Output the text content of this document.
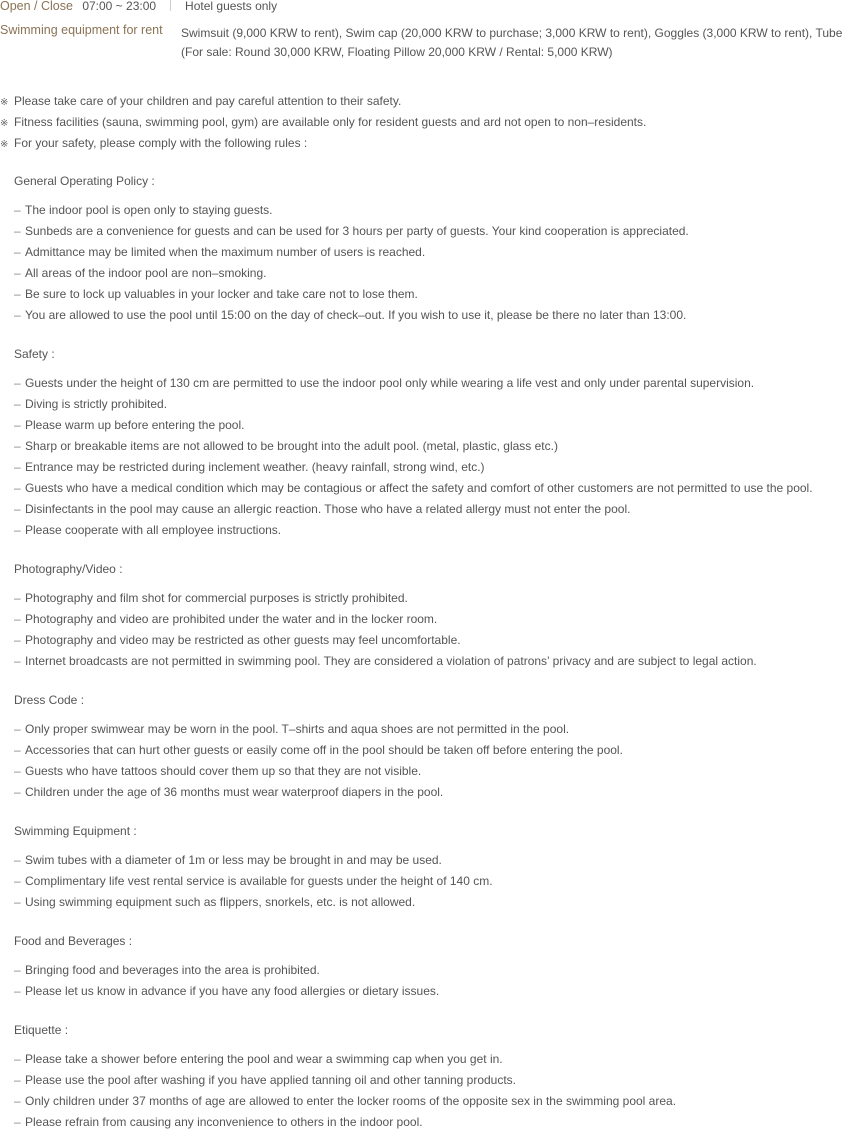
Open / Close 07:00 ~ 23:00 Hotel guests only
Swimming equipment for rent Swimsuit (9,000 KRW to rent), Swim cap (20,000 KRW to purchase; 3,000 KRW to rent), Goggles (3,000 KRW to rent), Tube (For sale: Round 30,000 KRW, Floating Pillow 20,000 KRW / Rental: 5,000 KRW)
※ Please take care of your children and pay careful attention to their safety.
※ Fitness facilities (sauna, swimming pool, gym) are available only for resident guests and ard not open to non–residents.
※ For your safety, please comply with the following rules :
General Operating Policy :
– The indoor pool is open only to staying guests.
– Sunbeds are a convenience for guests and can be used for 3 hours per party of guests. Your kind cooperation is appreciated.
– Admittance may be limited when the maximum number of users is reached.
– All areas of the indoor pool are non–smoking.
– Be sure to lock up valuables in your locker and take care not to lose them.
– You are allowed to use the pool until 15:00 on the day of check–out. If you wish to use it, please be there no later than 13:00.
Safety :
– Guests under the height of 130 cm are permitted to use the indoor pool only while wearing a life vest and only under parental supervision.
– Diving is strictly prohibited.
– Please warm up before entering the pool.
– Sharp or breakable items are not allowed to be brought into the adult pool. (metal, plastic, glass etc.)
– Entrance may be restricted during inclement weather. (heavy rainfall, strong wind, etc.)
– Guests who have a medical condition which may be contagious or affect the safety and comfort of other customers are not permitted to use the pool.
– Disinfectants in the pool may cause an allergic reaction. Those who have a related allergy must not enter the pool.
– Please cooperate with all employee instructions.
Photography/Video :
– Photography and film shot for commercial purposes is strictly prohibited.
– Photography and video are prohibited under the water and in the locker room.
– Photography and video may be restricted as other guests may feel uncomfortable.
– Internet broadcasts are not permitted in swimming pool. They are considered a violation of patrons’ privacy and are subject to legal action.
Dress Code :
– Only proper swimwear may be worn in the pool. T–shirts and aqua shoes are not permitted in the pool.
– Accessories that can hurt other guests or easily come off in the pool should be taken off before entering the pool.
– Guests who have tattoos should cover them up so that they are not visible.
– Children under the age of 36 months must wear waterproof diapers in the pool.
Swimming Equipment :
– Swim tubes with a diameter of 1m or less may be brought in and may be used.
– Complimentary life vest rental service is available for guests under the height of 140 cm.
– Using swimming equipment such as flippers, snorkels, etc. is not allowed.
Food and Beverages :
– Bringing food and beverages into the area is prohibited.
– Please let us know in advance if you have any food allergies or dietary issues.
Etiquette :
– Please take a shower before entering the pool and wear a swimming cap when you get in.
– Please use the pool after washing if you have applied tanning oil and other tanning products.
– Only children under 37 months of age are allowed to enter the locker rooms of the opposite sex in the swimming pool area.
– Please refrain from causing any inconvenience to others in the indoor pool.
